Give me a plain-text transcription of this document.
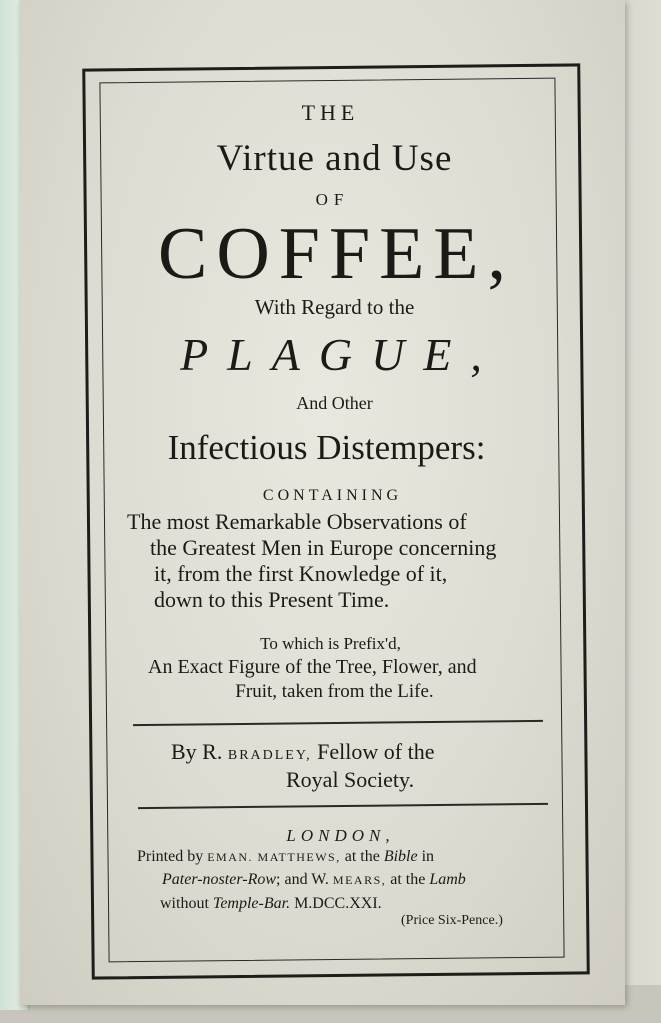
THE
Virtue and Use
OF
COFFEE,
With Regard to the
PLAGUE,
And Other
Infectious Distempers:
CONTAINING
The most Remarkable Observations of
the Greatest Men in Europe concerning
it, from the first Knowledge of it,
down to this Present Time.
To which is Prefix'd,
An Exact Figure of the Tree, Flower, and
Fruit, taken from the Life.
By R. BRADLEY, Fellow of the
Royal Society.
LONDON,
Printed by EMAN. MATTHEWS, at the Bible in
Pater-noster-Row; and W. MEARS, at the Lamb
without Temple-Bar. M.DCC.XXI.
(Price Six-Pence.)
